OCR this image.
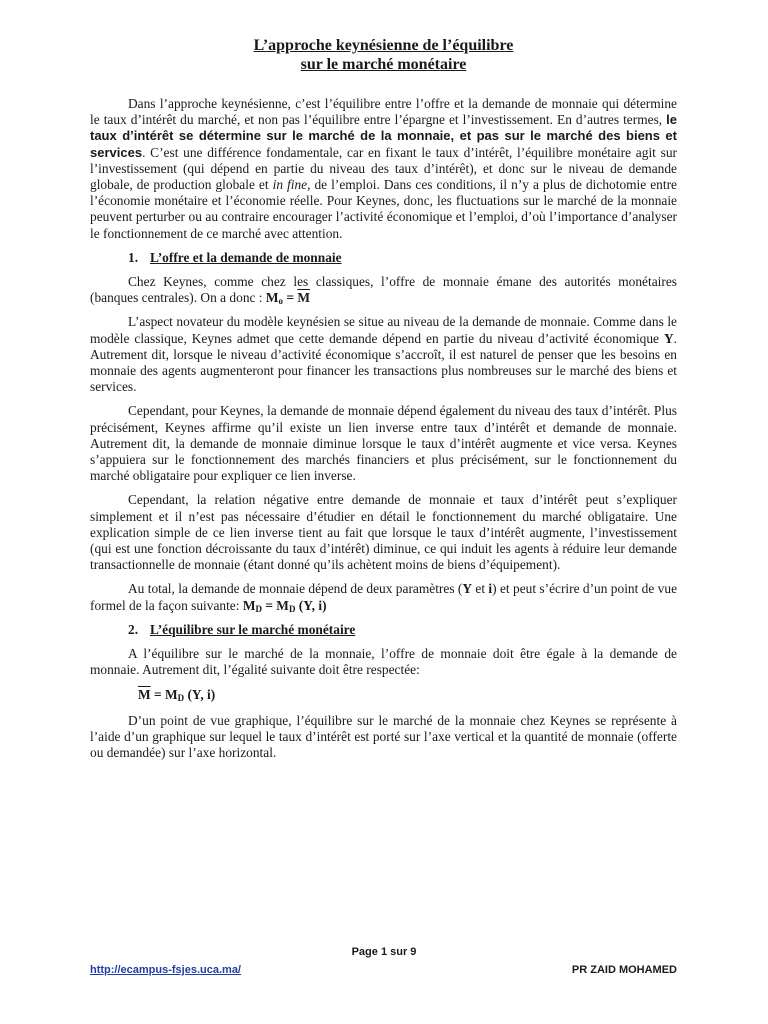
L’approche keynésienne de l’équilibre
sur le marché monétaire

Dans l’approche keynésienne, c’est l’équilibre entre l’offre et la demande de monnaie qui détermine le taux d’intérêt du marché, et non pas l’équilibre entre l’épargne et l’investissement. En d’autres termes, le taux d’intérêt se détermine sur le marché de la monnaie, et pas sur le marché des biens et services. C’est une différence fondamentale, car en fixant le taux d’intérêt, l’équilibre monétaire agit sur l’investissement (qui dépend en partie du niveau des taux d’intérêt), et donc sur le niveau de demande globale, de production globale et in fine, de l’emploi. Dans ces conditions, il n’y a plus de dichotomie entre l’économie monétaire et l’économie réelle. Pour Keynes, donc, les fluctuations sur le marché de la monnaie peuvent perturber ou au contraire encourager l’activité économique et l’emploi, d’où l’importance d’analyser le fonctionnement de ce marché avec attention.

1. L’offre et la demande de monnaie

Chez Keynes, comme chez les classiques, l’offre de monnaie émane des autorités monétaires (banques centrales). On a donc : $M_o = \overline{M}$

L’aspect novateur du modèle keynésien se situe au niveau de la demande de monnaie. Comme dans le modèle classique, Keynes admet que cette demande dépend en partie du niveau d’activité économique Y. Autrement dit, lorsque le niveau d’activité économique s’accroît, il est naturel de penser que les besoins en monnaie des agents augmenteront pour financer les transactions plus nombreuses sur le marché des biens et services.

Cependant, pour Keynes, la demande de monnaie dépend également du niveau des taux d’intérêt. Plus précisément, Keynes affirme qu’il existe un lien inverse entre taux d’intérêt et demande de monnaie. Autrement dit, la demande de monnaie diminue lorsque le taux d’intérêt augmente et vice versa. Keynes s’appuiera sur le fonctionnement des marchés financiers et plus précisément, sur le fonctionnement du marché obligataire pour expliquer ce lien inverse.

Cependant, la relation négative entre demande de monnaie et taux d’intérêt peut s’expliquer simplement et il n’est pas nécessaire d’étudier en détail le fonctionnement du marché obligataire. Une explication simple de ce lien inverse tient au fait que lorsque le taux d’intérêt augmente, l’investissement (qui est une fonction décroissante du taux d’intérêt) diminue, ce qui induit les agents à réduire leur demande transactionnelle de monnaie (étant donné qu’ils achètent moins de biens d’équipement).

Au total, la demande de monnaie dépend de deux paramètres (Y et i) et peut s’écrire d’un point de vue formel de la façon suivante: $M_D = M_D$ (Y, i)

2. L’équilibre sur le marché monétaire

A l’équilibre sur le marché de la monnaie, l’offre de monnaie doit être égale à la demande de monnaie. Autrement dit, l’égalité suivante doit être respectée:

$\overline{M} = M_D$ (Y, i)

D’un point de vue graphique, l’équilibre sur le marché de la monnaie chez Keynes se représente à l’aide d’un graphique sur lequel le taux d’intérêt est porté sur l’axe vertical et la quantité de monnaie (offerte ou demandée) sur l’axe horizontal.

Page 1 sur 9
http://ecampus-fsjes.uca.ma/	PR ZAID MOHAMED
